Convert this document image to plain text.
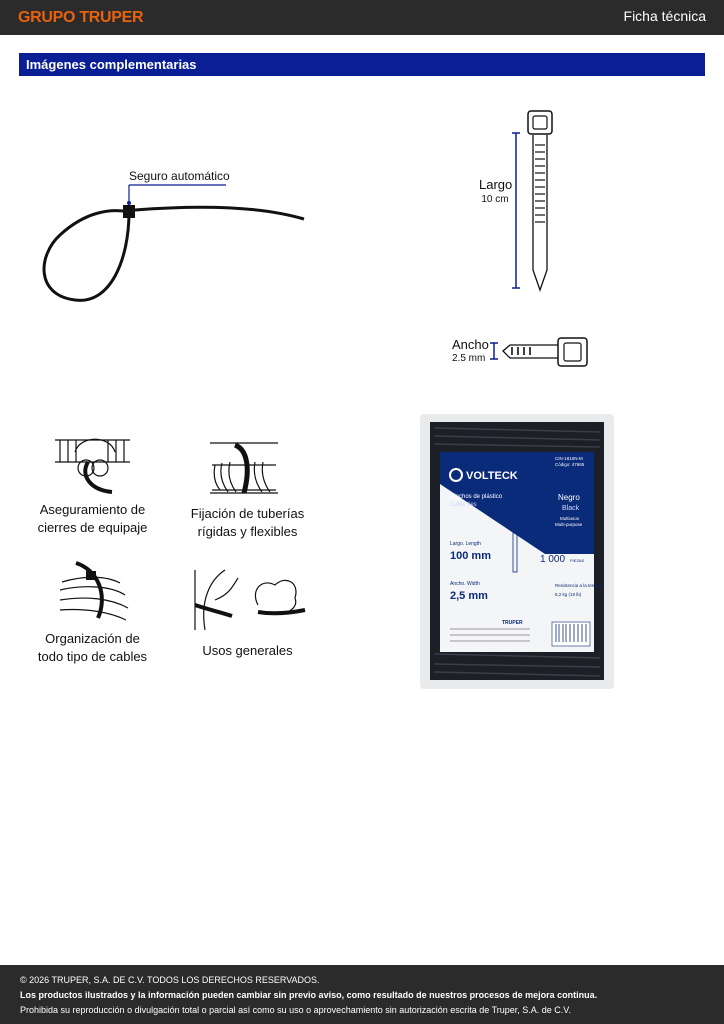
GRUPO TRUPER	Ficha técnica
Imágenes complementarias
Seguro automático
Largo
10 cm
Ancho
2.5 mm
Aseguramiento de
cierres de equipaje
Fijación de tuberías
rígidas y flexibles
Organización de
todo tipo de cables	Usos generales
VOLTECK
CIN-1810N-M
Código: 47665
Cinchos de plástico
Cable ties
Negro
Black
Multiusos
Multi-purpose
Largo. Length
100 mm
Ancho. Width
2,5 mm
CONT.
1 000 PIEZAS
Resistencia a la tensión:
8,2 kg (18 lb)
TRUPER

© 2026 TRUPER, S.A. DE C.V. TODOS LOS DERECHOS RESERVADOS.

Los productos ilustrados y la información pueden cambiar sin previo aviso, como resultado de nuestros procesos de mejora continua.

Prohibida su reproducción o divulgación total o parcial así como su uso o aprovechamiento sin autorización escrita de Truper, S.A. de C.V.
